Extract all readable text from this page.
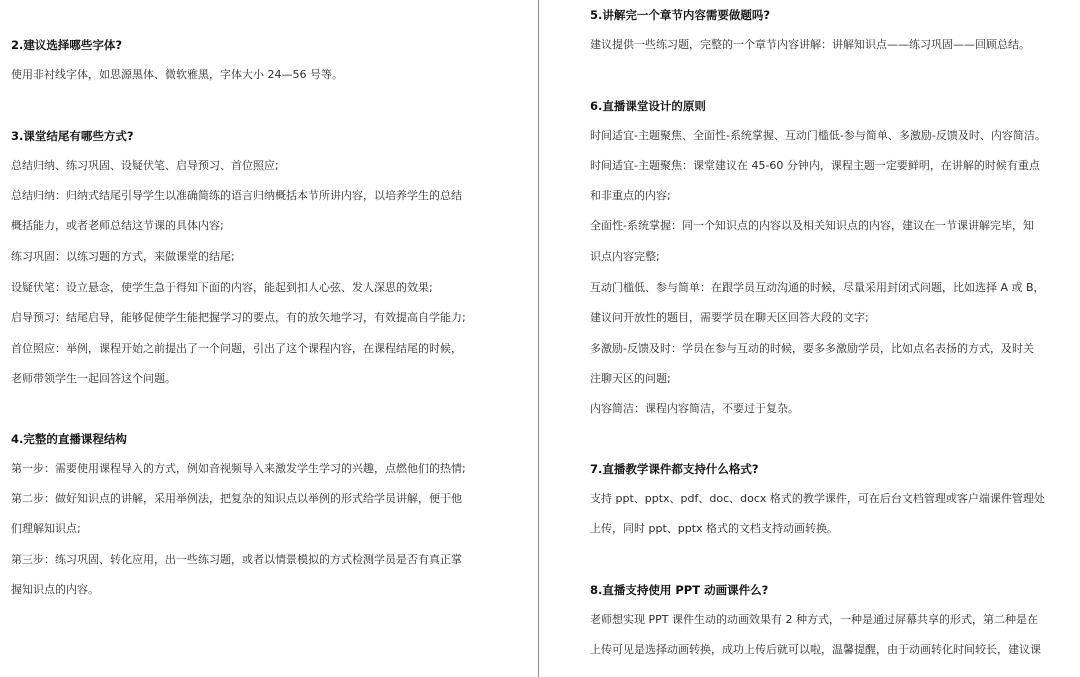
2.建议选择哪些字体?
使用非衬线字体，如思源黑体、微软雅黑，字体大小 24—56 号等。
3.课堂结尾有哪些方式?
总结归纳、练习巩固、设疑伏笔、启导预习、首位照应;
总结归纳：归纳式结尾引导学生以准确简练的语言归纳概括本节所讲内容，以培养学生的总结
概括能力，或者老师总结这节课的具体内容;
练习巩固：以练习题的方式，来做课堂的结尾;
设疑伏笔：设立悬念，使学生急于得知下面的内容，能起到扣人心弦、发人深思的效果;
启导预习：结尾启导，能够促使学生能把握学习的要点，有的放矢地学习，有效提高自学能力;
首位照应：举例，课程开始之前提出了一个问题，引出了这个课程内容，在课程结尾的时候，
老师带领学生一起回答这个问题。
4.完整的直播课程结构
第一步：需要使用课程导入的方式，例如音视频导入来激发学生学习的兴趣，点燃他们的热情;
第二步：做好知识点的讲解，采用举例法，把复杂的知识点以举例的形式给学员讲解，便于他
们理解知识点;
第三步：练习巩固、转化应用，出一些练习题，或者以情景模拟的方式检测学员是否有真正掌
握知识点的内容。
5.讲解完一个章节内容需要做题吗?
建议提供一些练习题，完整的一个章节内容讲解：讲解知识点——练习巩固——回顾总结。
6.直播课堂设计的原则
时间适宜-主题聚焦、全面性-系统掌握、互动门槛低-参与简单、多激励-反馈及时、内容简洁。
时间适宜-主题聚焦：课堂建议在 45-60 分钟内，课程主题一定要鲜明，在讲解的时候有重点
和非重点的内容;
全面性-系统掌握：同一个知识点的内容以及相关知识点的内容，建议在一节课讲解完毕，知
识点内容完整;
互动门槛低、参与简单：在跟学员互动沟通的时候，尽量采用封闭式问题，比如选择 A 或 B，
建议问开放性的题目，需要学员在聊天区回答大段的文字;
多激励-反馈及时：学员在参与互动的时候，要多多激励学员，比如点名表扬的方式，及时关
注聊天区的问题;
内容简洁：课程内容简洁，不要过于复杂。
7.直播教学课件都支持什么格式?
支持 ppt、pptx、pdf、doc、docx 格式的教学课件，可在后台文档管理或客户端课件管理处
上传，同时 ppt、pptx 格式的文档支持动画转换。
8.直播支持使用 PPT 动画课件么?
老师想实现 PPT 课件生动的动画效果有 2 种方式，一种是通过屏幕共享的形式，第二种是在
上传可见是选择动画转换，成功上传后就可以啦，温馨提醒，由于动画转化时间较长，建议课
